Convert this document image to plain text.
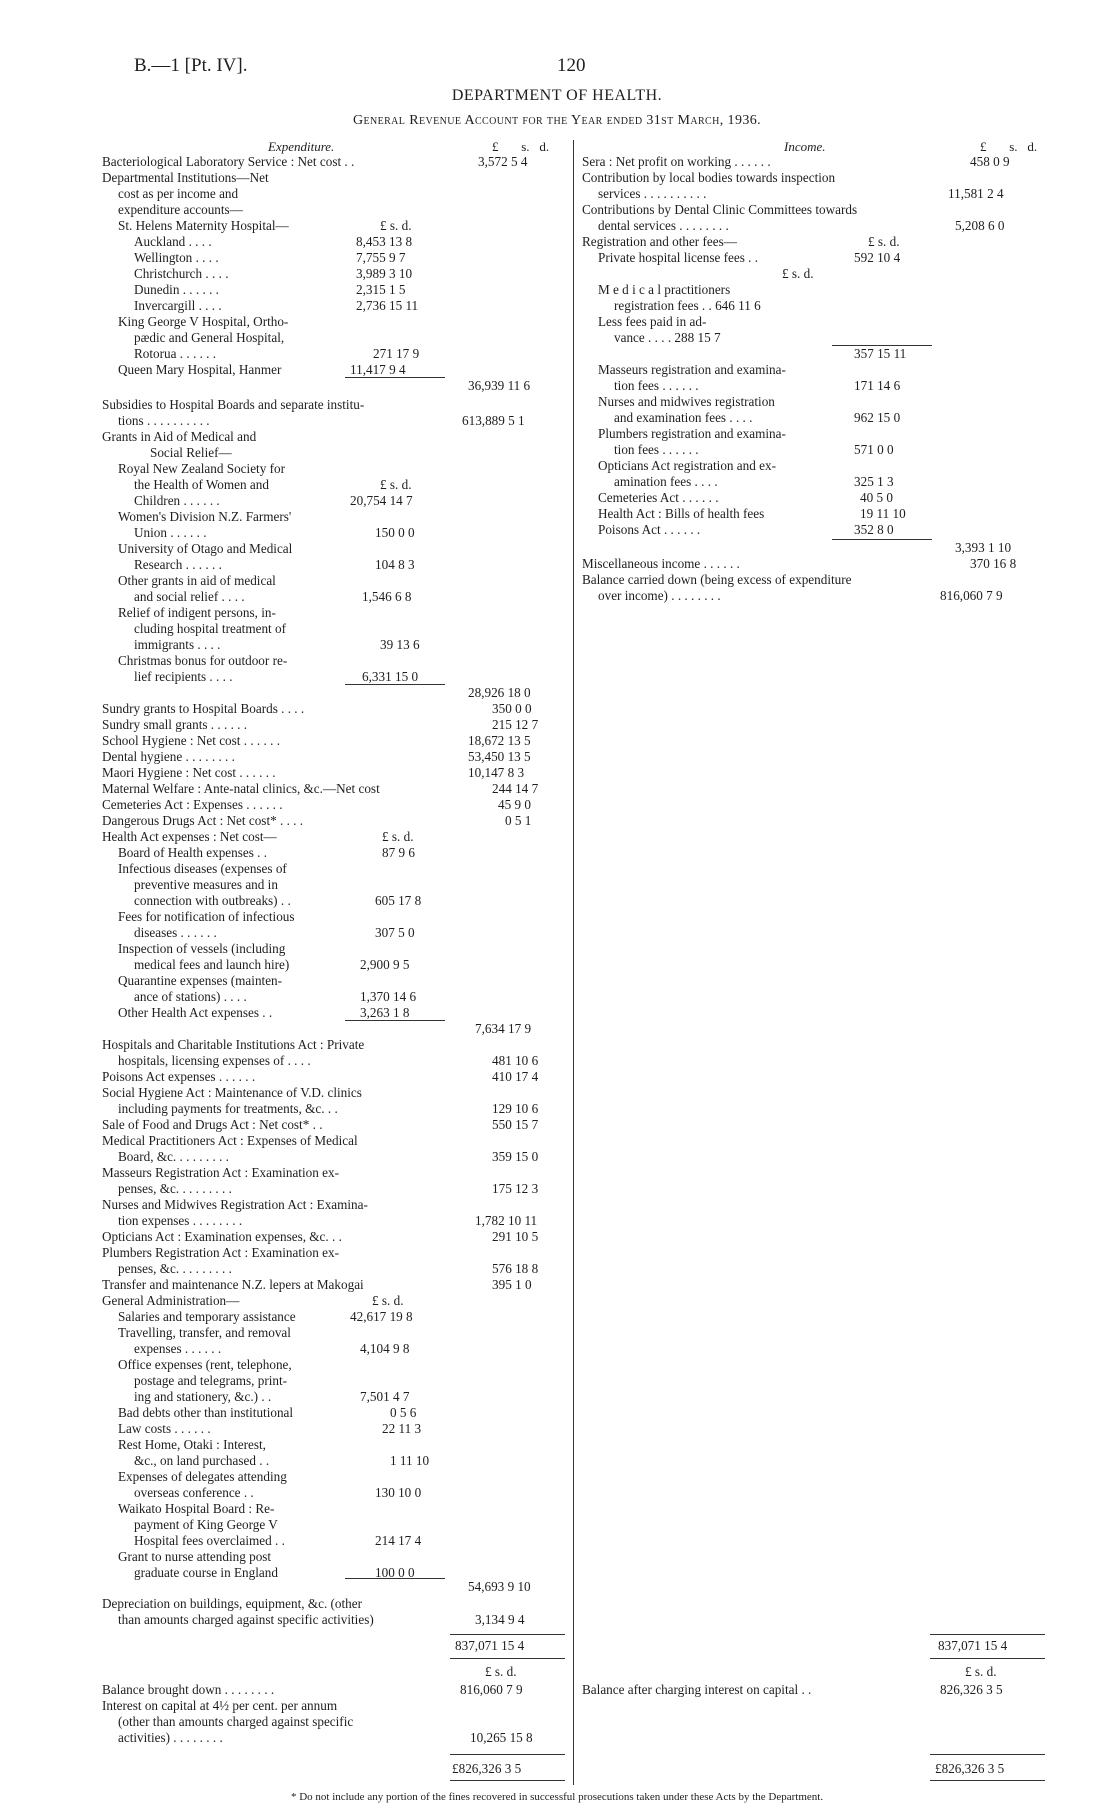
B.—1 [Pt. IV].	120
DEPARTMENT OF HEALTH.
General Revenue Account for the Year ended 31st March, 1936.
Expenditure.	Income.
£ s. d.	£ s. d.
Bacteriological Laboratory Service : Net cost . .	3,572 5 4
Departmental Institutions—Net
cost as per income and
expenditure accounts—
St. Helens Maternity Hospital—	£ s. d.
Auckland . . . .	8,453 13 8
Wellington . . . .	7,755 9 7
Christchurch . . . .	3,989 3 10
Dunedin . . . . . .	2,315 1 5
Invercargill . . . .	2,736 15 11
King George V Hospital, Ortho-
pædic and General Hospital,
Rotorua . . . . . .	271 17 9
Queen Mary Hospital, Hanmer	11,417 9 4
36,939 11 6
Subsidies to Hospital Boards and separate institu-
tions . . . . . . . . . .	613,889 5 1
Grants in Aid of Medical and
Social Relief—
Royal New Zealand Society for
the Health of Women and	£ s. d.
Children . . . . . .	20,754 14 7
Women's Division N.Z. Farmers'
Union . . . . . .	150 0 0
University of Otago and Medical
Research . . . . . .	104 8 3
Other grants in aid of medical
and social relief . . . .	1,546 6 8
Relief of indigent persons, in-
cluding hospital treatment of
immigrants . . . .	39 13 6
Christmas bonus for outdoor re-
lief recipients . . . .	6,331 15 0
28,926 18 0
Sundry grants to Hospital Boards . . . .	350 0 0
Sundry small grants . . . . . .	215 12 7
School Hygiene : Net cost . . . . . .	18,672 13 5
Dental hygiene . . . . . . . .	53,450 13 5
Maori Hygiene : Net cost . . . . . .	10,147 8 3
Maternal Welfare : Ante-natal clinics, &c.—Net cost	244 14 7
Cemeteries Act : Expenses . . . . . .	45 9 0
Dangerous Drugs Act : Net cost* . . . .	0 5 1
Health Act expenses : Net cost—	£ s. d.
Board of Health expenses . .	87 9 6
Infectious diseases (expenses of
preventive measures and in
connection with outbreaks) . .	605 17 8
Fees for notification of infectious
diseases . . . . . .	307 5 0
Inspection of vessels (including
medical fees and launch hire)	2,900 9 5
Quarantine expenses (mainten-
ance of stations) . . . .	1,370 14 6
Other Health Act expenses . .	3,263 1 8
7,634 17 9
Hospitals and Charitable Institutions Act : Private
hospitals, licensing expenses of . . . .	481 10 6
Poisons Act expenses . . . . . .	410 17 4
Social Hygiene Act : Maintenance of V.D. clinics
including payments for treatments, &c. . .	129 10 6
Sale of Food and Drugs Act : Net cost* . .	550 15 7
Medical Practitioners Act : Expenses of Medical
Board, &c. . . . . . . . .	359 15 0
Masseurs Registration Act : Examination ex-
penses, &c. . . . . . . . .	175 12 3
Nurses and Midwives Registration Act : Examina-
tion expenses . . . . . . . .	1,782 10 11
Opticians Act : Examination expenses, &c. . .	291 10 5
Plumbers Registration Act : Examination ex-
penses, &c. . . . . . . . .	576 18 8
Transfer and maintenance N.Z. lepers at Makogai	395 1 0
General Administration—	£ s. d.
Salaries and temporary assistance	42,617 19 8
Travelling, transfer, and removal
expenses . . . . . .	4,104 9 8
Office expenses (rent, telephone,
postage and telegrams, print-
ing and stationery, &c.) . .	7,501 4 7
Bad debts other than institutional	0 5 6
Law costs . . . . . .	22 11 3
Rest Home, Otaki : Interest,
&c., on land purchased . .	1 11 10
Expenses of delegates attending
overseas conference . .	130 10 0
Waikato Hospital Board : Re-
payment of King George V
Hospital fees overclaimed . .	214 17 4
Grant to nurse attending post
graduate course in England	100 0 0
54,693 9 10
Depreciation on buildings, equipment, &c. (other
than amounts charged against specific activities)	3,134 9 4
837,071 15 4
£ s. d.
Balance brought down . . . . . . . .	816,060 7 9
Interest on capital at 4½ per cent. per annum
(other than amounts charged against specific
activities) . . . . . . . .	10,265 15 8
£826,326 3 5
Sera : Net profit on working . . . . . .	458 0 9
Contribution by local bodies towards inspection
services . . . . . . . . . .	11,581 2 4
Contributions by Dental Clinic Committees towards
dental services . . . . . . . .	5,208 6 0
Registration and other fees—	£ s. d.
Private hospital license fees . .	592 10 4
£ s. d.
M e d i c a l practitioners
registration fees . . 646 11 6
Less fees paid in ad-
vance . . . . 288 15 7
357 15 11
Masseurs registration and examina-
tion fees . . . . . .	171 14 6
Nurses and midwives registration
and examination fees . . . .	962 15 0
Plumbers registration and examina-
tion fees . . . . . .	571 0 0
Opticians Act registration and ex-
amination fees . . . .	325 1 3
Cemeteries Act . . . . . .	40 5 0
Health Act : Bills of health fees	19 11 10
Poisons Act . . . . . .	352 8 0
3,393 1 10
Miscellaneous income . . . . . .	370 16 8
Balance carried down (being excess of expenditure
over income) . . . . . . . .	816,060 7 9
837,071 15 4
£ s. d.
Balance after charging interest on capital . .	826,326 3 5
£826,326 3 5
* Do not include any portion of the fines recovered in successful prosecutions taken under these Acts by the Department.
